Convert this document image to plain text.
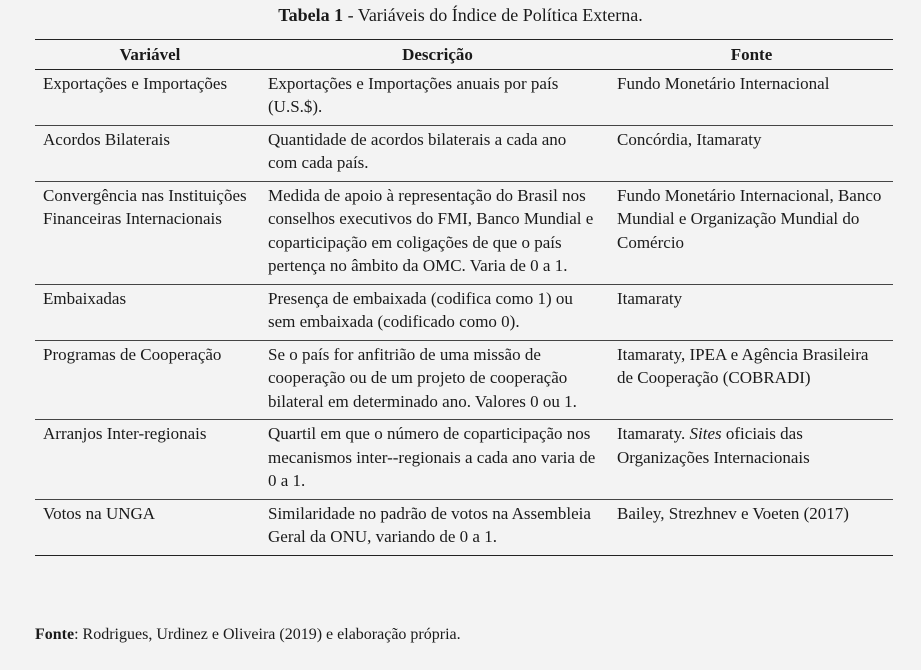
Tabela 1 - Variáveis do Índice de Política Externa.
Variável	Descrição	Fonte
Exportações e Importações	Exportações e Importações anuais por país (U.S.$).	Fundo Monetário Internacional
Acordos Bilaterais	Quantidade de acordos bilaterais a cada ano com cada país.	Concórdia, Itamaraty
Convergência nas Instituições Financeiras Internacionais	Medida de apoio à representação do Brasil nos conselhos executivos do FMI, Banco Mundial e coparticipação em coligações de que o país pertença no âmbito da OMC. Varia de 0 a 1.	Fundo Monetário Internacional, Banco Mundial e Organização Mundial do Comércio
Embaixadas	Presença de embaixada (codifica como 1) ou sem embaixada (codificado como 0).	Itamaraty
Programas de Cooperação	Se o país for anfitrião de uma missão de cooperação ou de um projeto de cooperação bilateral em determinado ano. Valores 0 ou 1.	Itamaraty, IPEA e Agência Brasileira de Cooperação (COBRADI)
Arranjos Inter-regionais	Quartil em que o número de coparticipação nos mecanismos inter--regionais a cada ano varia de 0 a 1.	Itamaraty. Sites oficiais das Organizações Internacionais
Votos na UNGA	Similaridade no padrão de votos na Assembleia Geral da ONU, variando de 0 a 1.	Bailey, Strezhnev e Voeten (2017)
Fonte: Rodrigues, Urdinez e Oliveira (2019) e elaboração própria.
